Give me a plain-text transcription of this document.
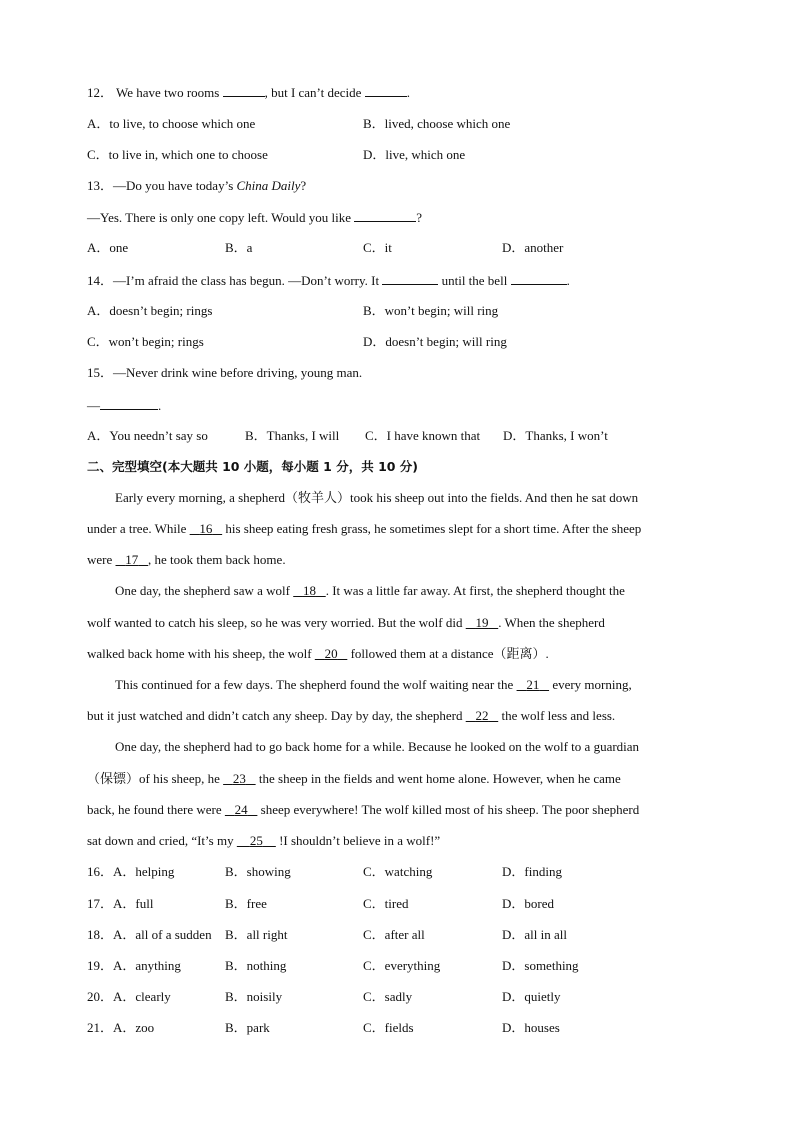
12． We have two rooms	, but I can’t decide	.
A．to live, to choose which one	B．lived, choose which one
C．to live in, which one to choose	D．live, which one
13．—Do you have today’s China Daily?
—Yes. There is only one copy left. Would you like	?
A．one	B．a	C．it	D．another
14．—I’m afraid the class has begun. —Don’t worry. It	until the bell	.
A．doesn’t begin; rings	B．won’t begin; will ring
C．won’t begin; rings	D．doesn’t begin; will ring
15．—Never drink wine before driving, young man.
—	.
A．You needn’t say so	B．Thanks, I will C．I have known that D．Thanks, I won’t
二、完型填空(本大题共 10 小题，每小题 1 分，共 10 分)
Early every morning, a shepherd（牧羊人）took his sheep out into the fields. And then he sat down
under a tree. While    16    his sheep eating fresh grass, he sometimes slept for a short time. After the sheep
were    17 , he took them back home.
One day, the shepherd saw a wolf    18 . It was a little far away. At first, the shepherd thought the
wolf wanted to catch his sleep, so he was very worried. But the wolf did    19 . When the shepherd
walked back home with his sheep, the wolf    20    followed them at a distance（距离）.
This continued for a few days. The shepherd found the wolf waiting near the    21    every morning,
but it just watched and didn’t catch any sheep. Day by day, the shepherd    22    the wolf less and less.
One day, the shepherd had to go back home for a while. Because he looked on the wolf to a guardian
（保镖）of his sheep, he    23    the sheep in the fields and went home alone. However, when he came
back, he found there were    24    sheep everywhere! The wolf killed most of his sheep. The poor shepherd
sat down and cried, “It’s my     25     !I shouldn’t believe in a wolf!”
16．A．helping	B．showing	C．watching	D．finding
17．A．full	B．free	C．tired	D．bored
18．A．all of a sudden B．all right	C．after all	D．all in all
19．A．anything	B．nothing	C．everything	D．something
20．A．clearly	B．noisily	C．sadly	D．quietly
21．A．zoo	B．park	C．fields	D．houses
